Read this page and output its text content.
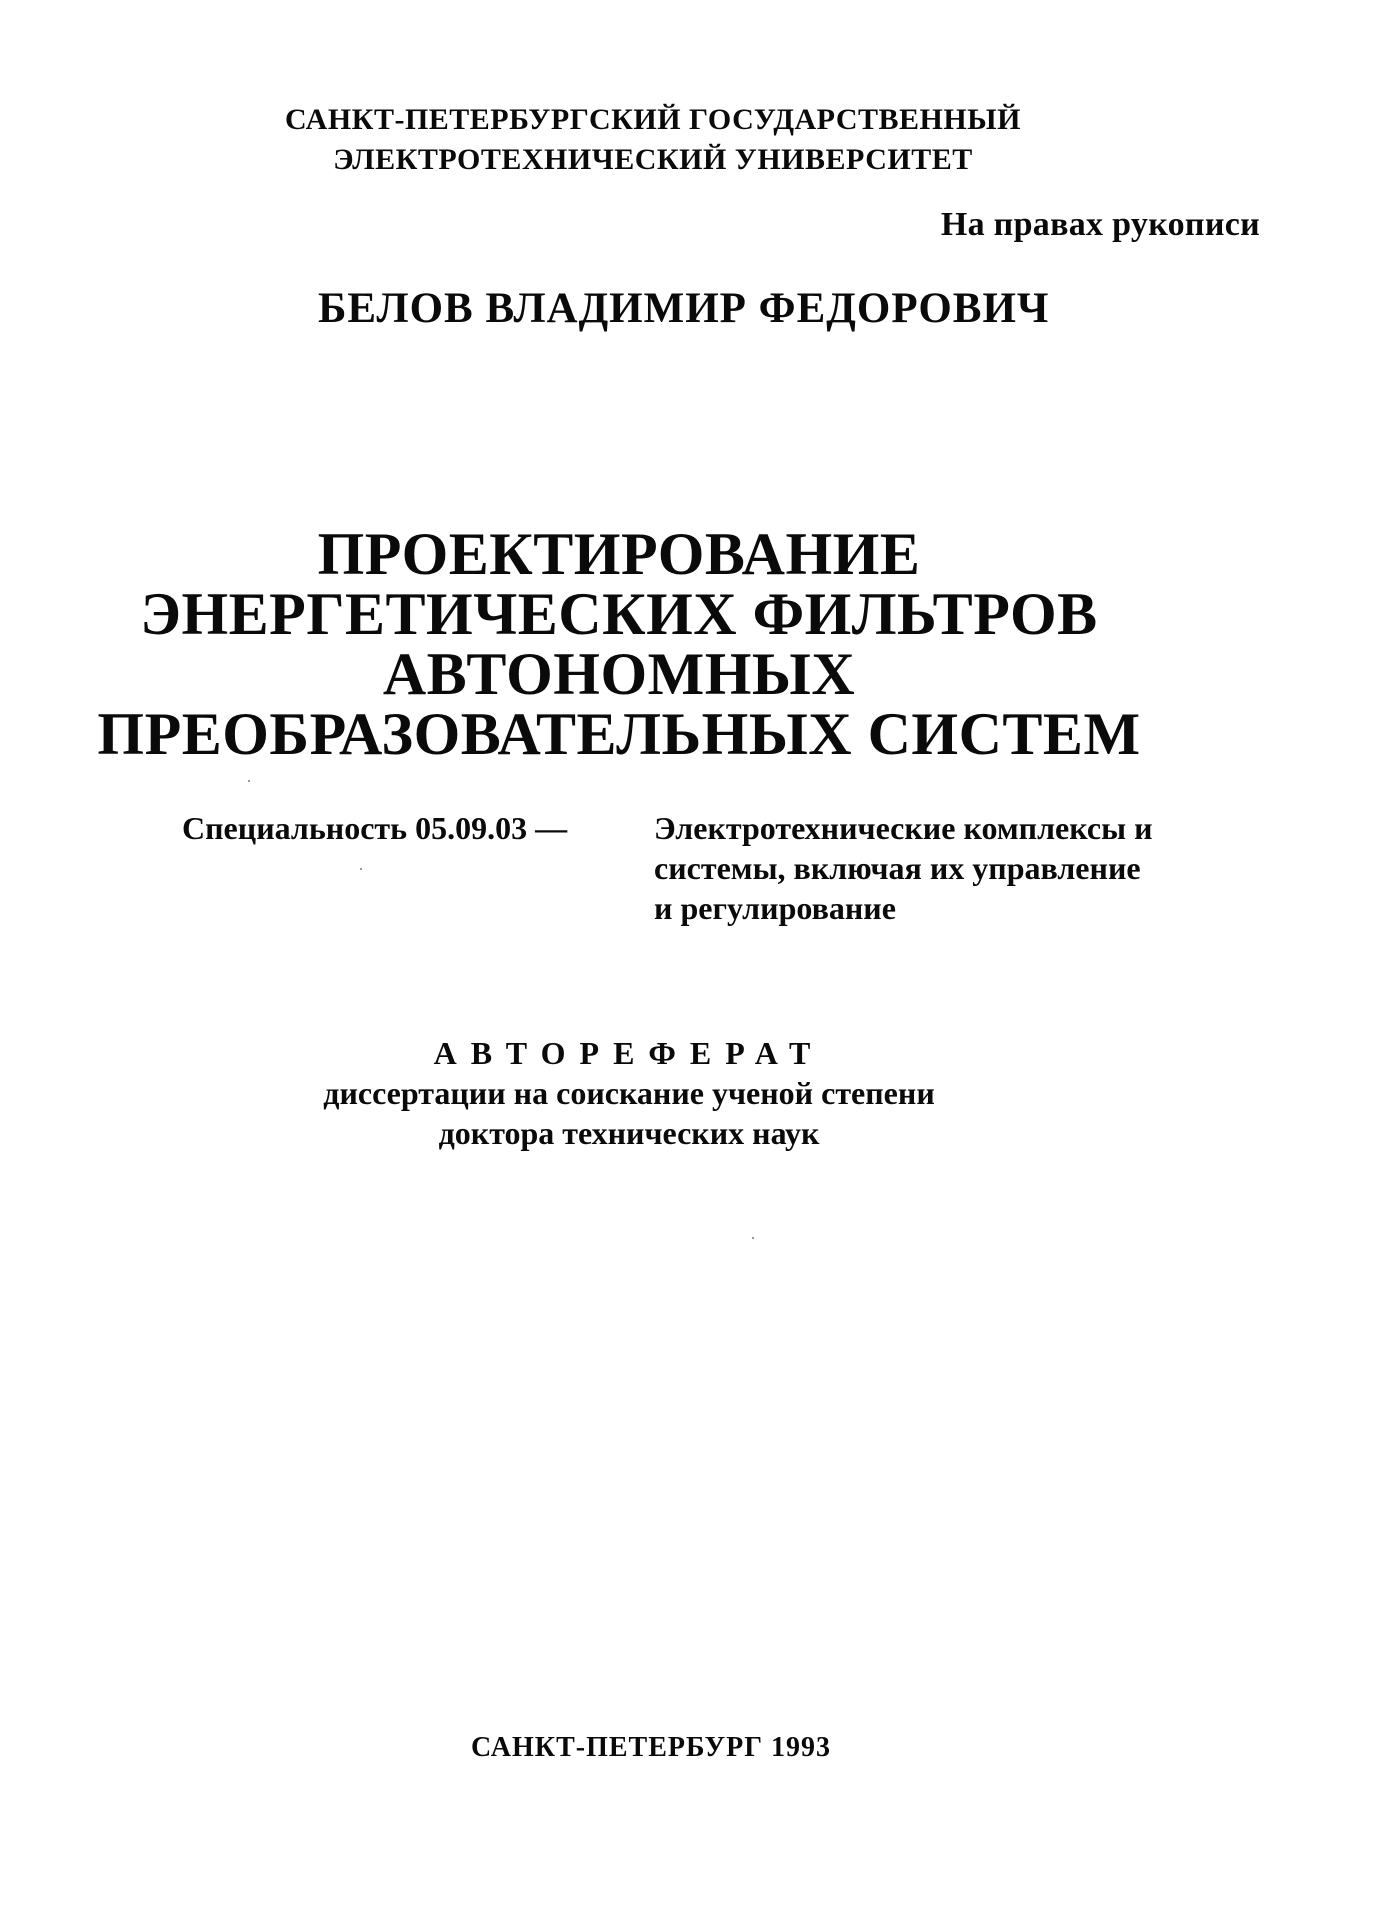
САНКТ-ПЕТЕРБУРГСКИЙ ГОСУДАРСТВЕННЫЙ
ЭЛЕКТРОТЕХНИЧЕСКИЙ УНИВЕРСИТЕТ
На правах рукописи
БЕЛОВ ВЛАДИМИР ФЕДОРОВИЧ
ПРОЕКТИРОВАНИЕ
ЭНЕРГЕТИЧЕСКИХ ФИЛЬТРОВ
АВТОНОМНЫХ
ПРЕОБРАЗОВАТЕЛЬНЫХ СИСТЕМ
Специальность 05.09.03 —	Электротехнические комплексы и
системы, включая их управление
и регулирование
АВТОРЕФЕРАТ
диссертации на соискание ученой степени
доктора технических наук
САНКТ-ПЕТЕРБУРГ 1993
